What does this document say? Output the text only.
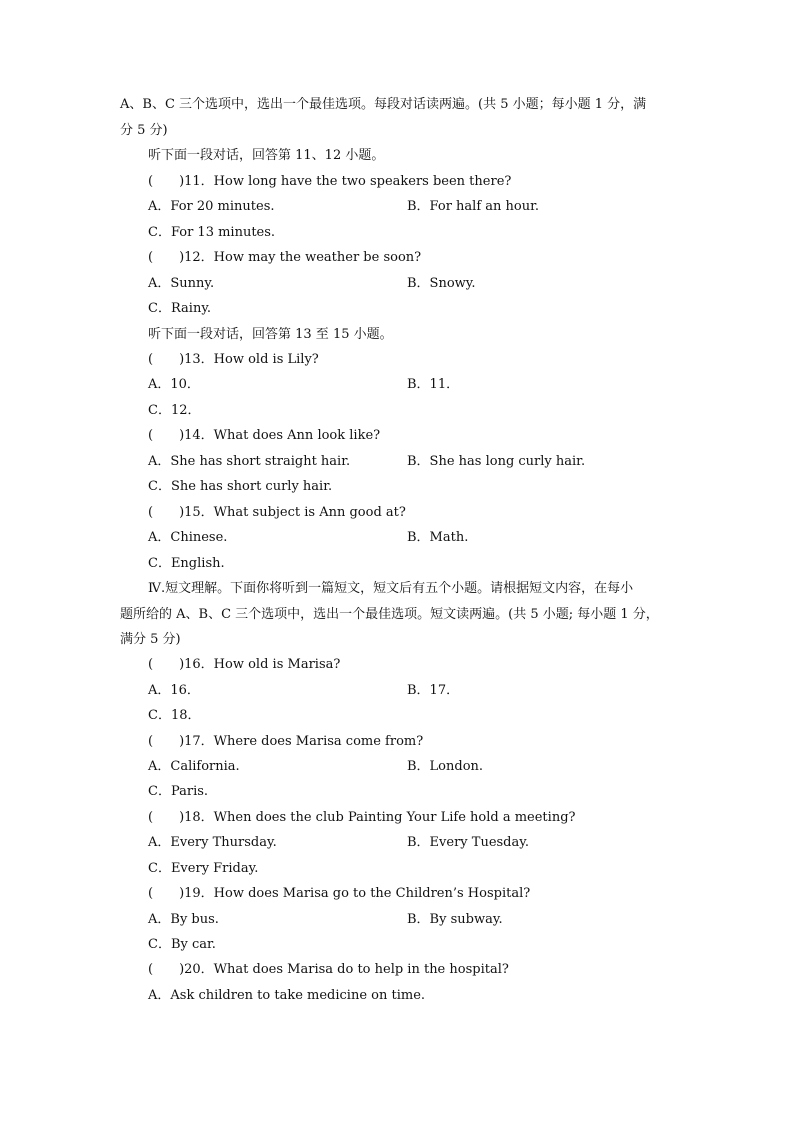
A、B、C 三个选项中，选出一个最佳选项。每段对话读两遍。(共 5 小题；每小题 1 分，满
分 5 分)
听下面一段对话，回答第 11、12 小题。
(　　)11．How long have the two speakers been there?
A．For 20 minutes.	B．For half an hour.
C．For 13 minutes.
(　　)12．How may the weather be soon?
A．Sunny.	B．Snowy.
C．Rainy.
听下面一段对话，回答第 13 至 15 小题。
(　　)13．How old is Lily?
A．10．	B．11．
C．12．
(　　)14．What does Ann look like?
A．She has short straight hair.	B．She has long curly hair.
C．She has short curly hair.
(　　)15．What subject is Ann good at?
A．Chinese.	B．Math.
C．English.
Ⅳ.短文理解。下面你将听到一篇短文，短文后有五个小题。请根据短文内容，在每小
题所给的 A、B、C 三个选项中，选出一个最佳选项。短文读两遍。(共 5 小题; 每小题 1 分，
满分 5 分)
(　　)16．How old is Marisa?
A．16．	B．17．
C．18．
(　　)17．Where does Marisa come from?
A．California.	B．London.
C．Paris.
(　　)18．When does the club Painting Your Life hold a meeting?
A．Every Thursday.	B．Every Tuesday.
C．Every Friday.
(　　)19．How does Marisa go to the Children’s Hospital?
A．By bus.	B．By subway.
C．By car.
(　　)20．What does Marisa do to help in the hospital?
A．Ask children to take medicine on time.
